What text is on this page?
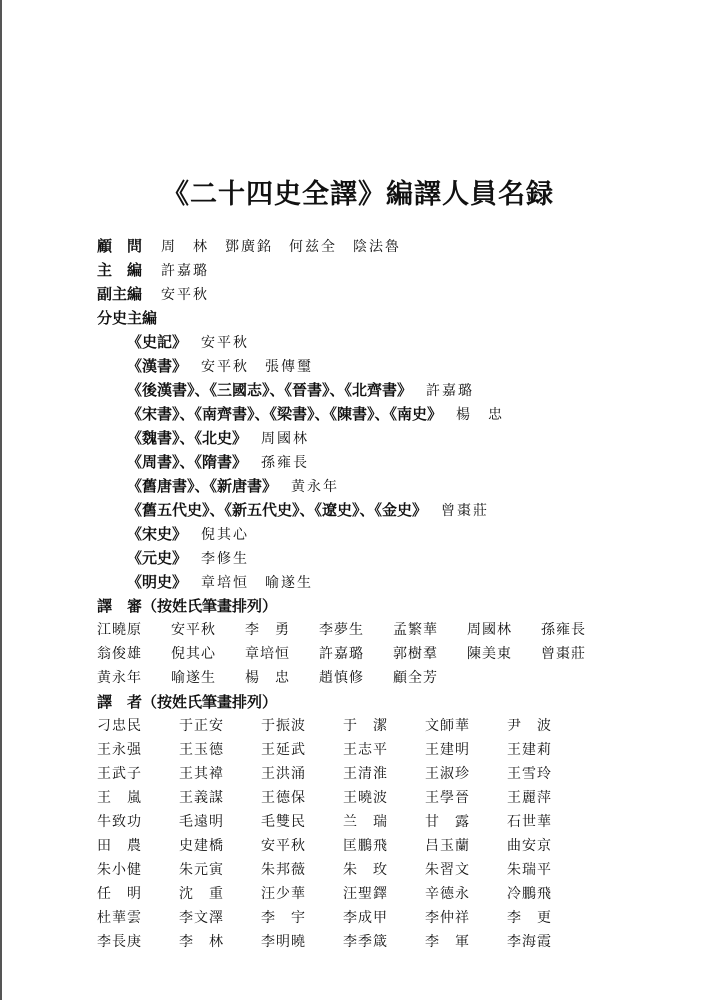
《二十四史全譯》編譯人員名録
顧　問 周　林　鄧廣銘　何兹全　陰法魯
主　編 許嘉璐
副主編 安平秋
分史主編
《史記》 安平秋
《漢書》 安平秋　張傳璽
《後漢書》、《三國志》、《晉書》、《北齊書》 許嘉璐
《宋書》、《南齊書》、《梁書》、《陳書》、《南史》 楊　忠
《魏書》、《北史》 周國林
《周書》、《隋書》 孫雍長
《舊唐書》、《新唐書》 黄永年
《舊五代史》、《新五代史》、《遼史》、《金史》 曾棗莊
《宋史》 倪其心
《元史》 李修生
《明史》 章培恒　喻遂生
譯　審（按姓氏筆畫排列）
江曉原 安平秋 李　勇 李夢生 孟繁華 周國林 孫雍長
翁俊雄 倪其心 章培恒 許嘉璐 郭樹羣 陳美東 曾棗莊
黄永年 喻遂生 楊　忠 趙慎修 顧全芳
譯　者（按姓氏筆畫排列）
刁忠民	于正安	于振波	于　潔	文師華	尹　波
王永强	王玉德	王延武	王志平	王建明	王建莉
王武子	王其褘	王洪涌	王清淮	王淑珍	王雪玲
王　嵐	王義謀	王德保	王曉波	王學晉	王麗萍
牛致功	毛遠明	毛雙民	兰　瑞	甘　露	石世華
田　農	史建橋	安平秋	匡鵬飛	吕玉蘭	曲安京
朱小健	朱元寅	朱邦薇	朱　玫	朱習文	朱瑞平
任　明	沈　重	汪少華	汪聖鐸	辛德永	冷鵬飛
杜華雲	李文澤	李　宇	李成甲	李仲祥	李　更
李長庚	李　林	李明曉	李季箴	李　軍	李海霞
